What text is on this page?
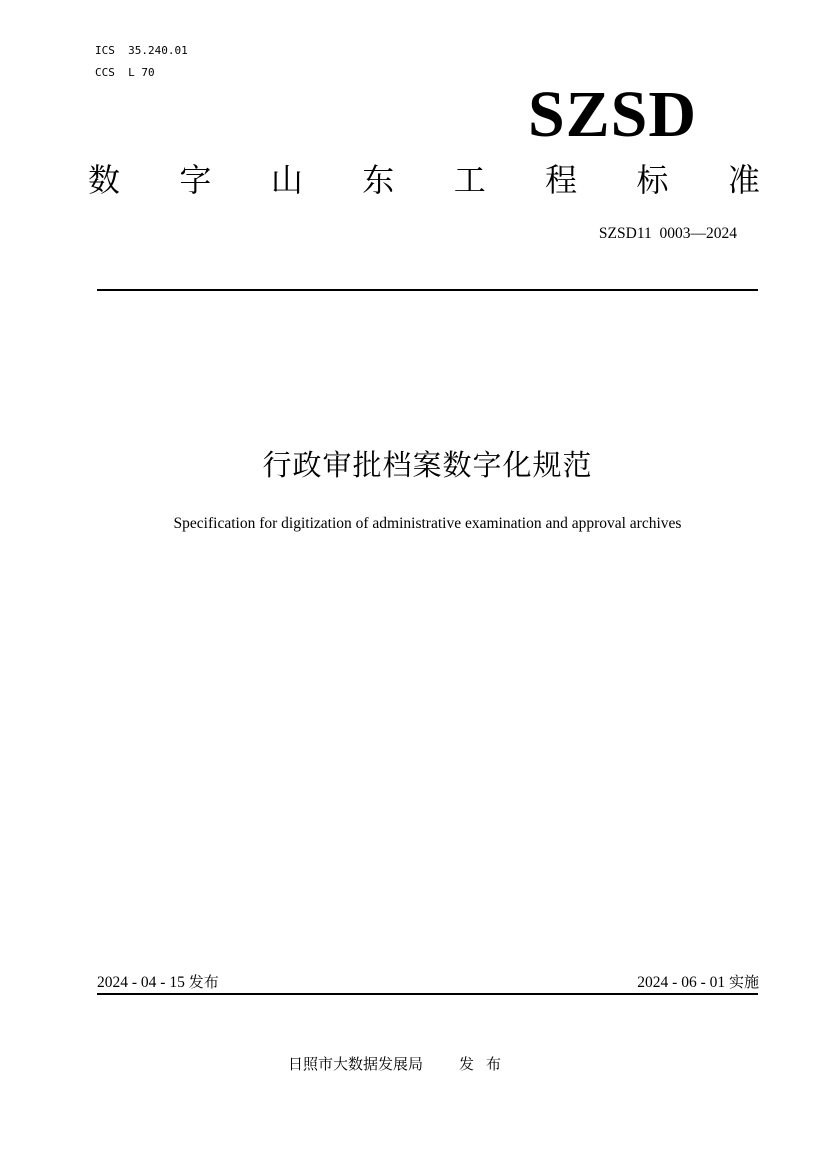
ICS  35.240.01
CCS  L 70
SZSD
数 字 山 东 工 程 标 准
SZSD11  0003—2024
行政审批档案数字化规范
Specification for digitization of administrative examination and approval archives
2024 - 04 - 15 发布	2024 - 06 - 01 实施
日照市大数据发展局 发布
